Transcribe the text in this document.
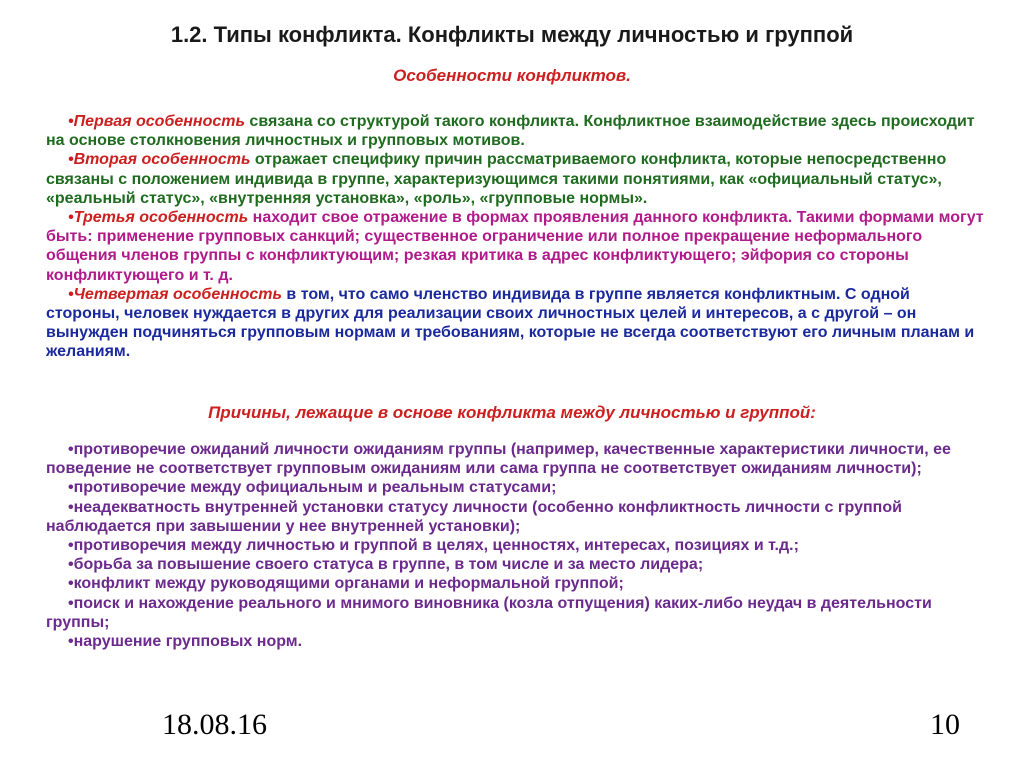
1.2. Типы конфликта. Конфликты между личностью и группой
Особенности конфликтов.

•Первая особенность связана со структурой такого конфликта. Конфликтное взаимодействие здесь происходит на основе столкновения личностных и групповых мотивов.

•Вторая особенность отражает специфику причин рассматриваемого конфликта, которые непосредственно связаны с положением индивида в группе, характеризующимся такими понятиями, как «официальный статус», «реальный статус», «внутренняя установка», «роль», «групповые нормы».

•Третья особенность находит свое отражение в формах проявления данного конфликта. Такими формами могут быть: применение групповых санкций; существенное ограничение или полное прекращение неформального общения членов группы с конфликтующим; резкая критика в адрес конфликтующего; эйфория со стороны конфликтующего и т. д.

•Четвертая особенность в том, что само членство индивида в группе является конфликтным. С одной стороны, человек нуждается в других для реализации своих личностных целей и интересов, а с другой – он вынужден подчиняться групповым нормам и требованиям, которые не всегда соответствуют его личным планам и желаниям.

Причины, лежащие в основе конфликта между личностью и группой:

•противоречие ожиданий личности ожиданиям группы (например, качественные характеристики личности, ее поведение не соответствует групповым ожиданиям или сама группа не соответствует ожиданиям личности);

•противоречие между официальным и реальным статусами;

•неадекватность внутренней установки статусу личности (особенно конфликтность личности с группой наблюдается при завышении у нее внутренней установки);

•противоречия между личностью и группой в целях, ценностях, интересах, позициях и т.д.;

•борьба за повышение своего статуса в группе, в том числе и за место лидера;

•конфликт между руководящими органами и неформальной группой;

•поиск и нахождение реального и мнимого виновника (козла отпущения) каких-либо неудач в деятельности группы;

•нарушение групповых норм.

18.08.16	10
